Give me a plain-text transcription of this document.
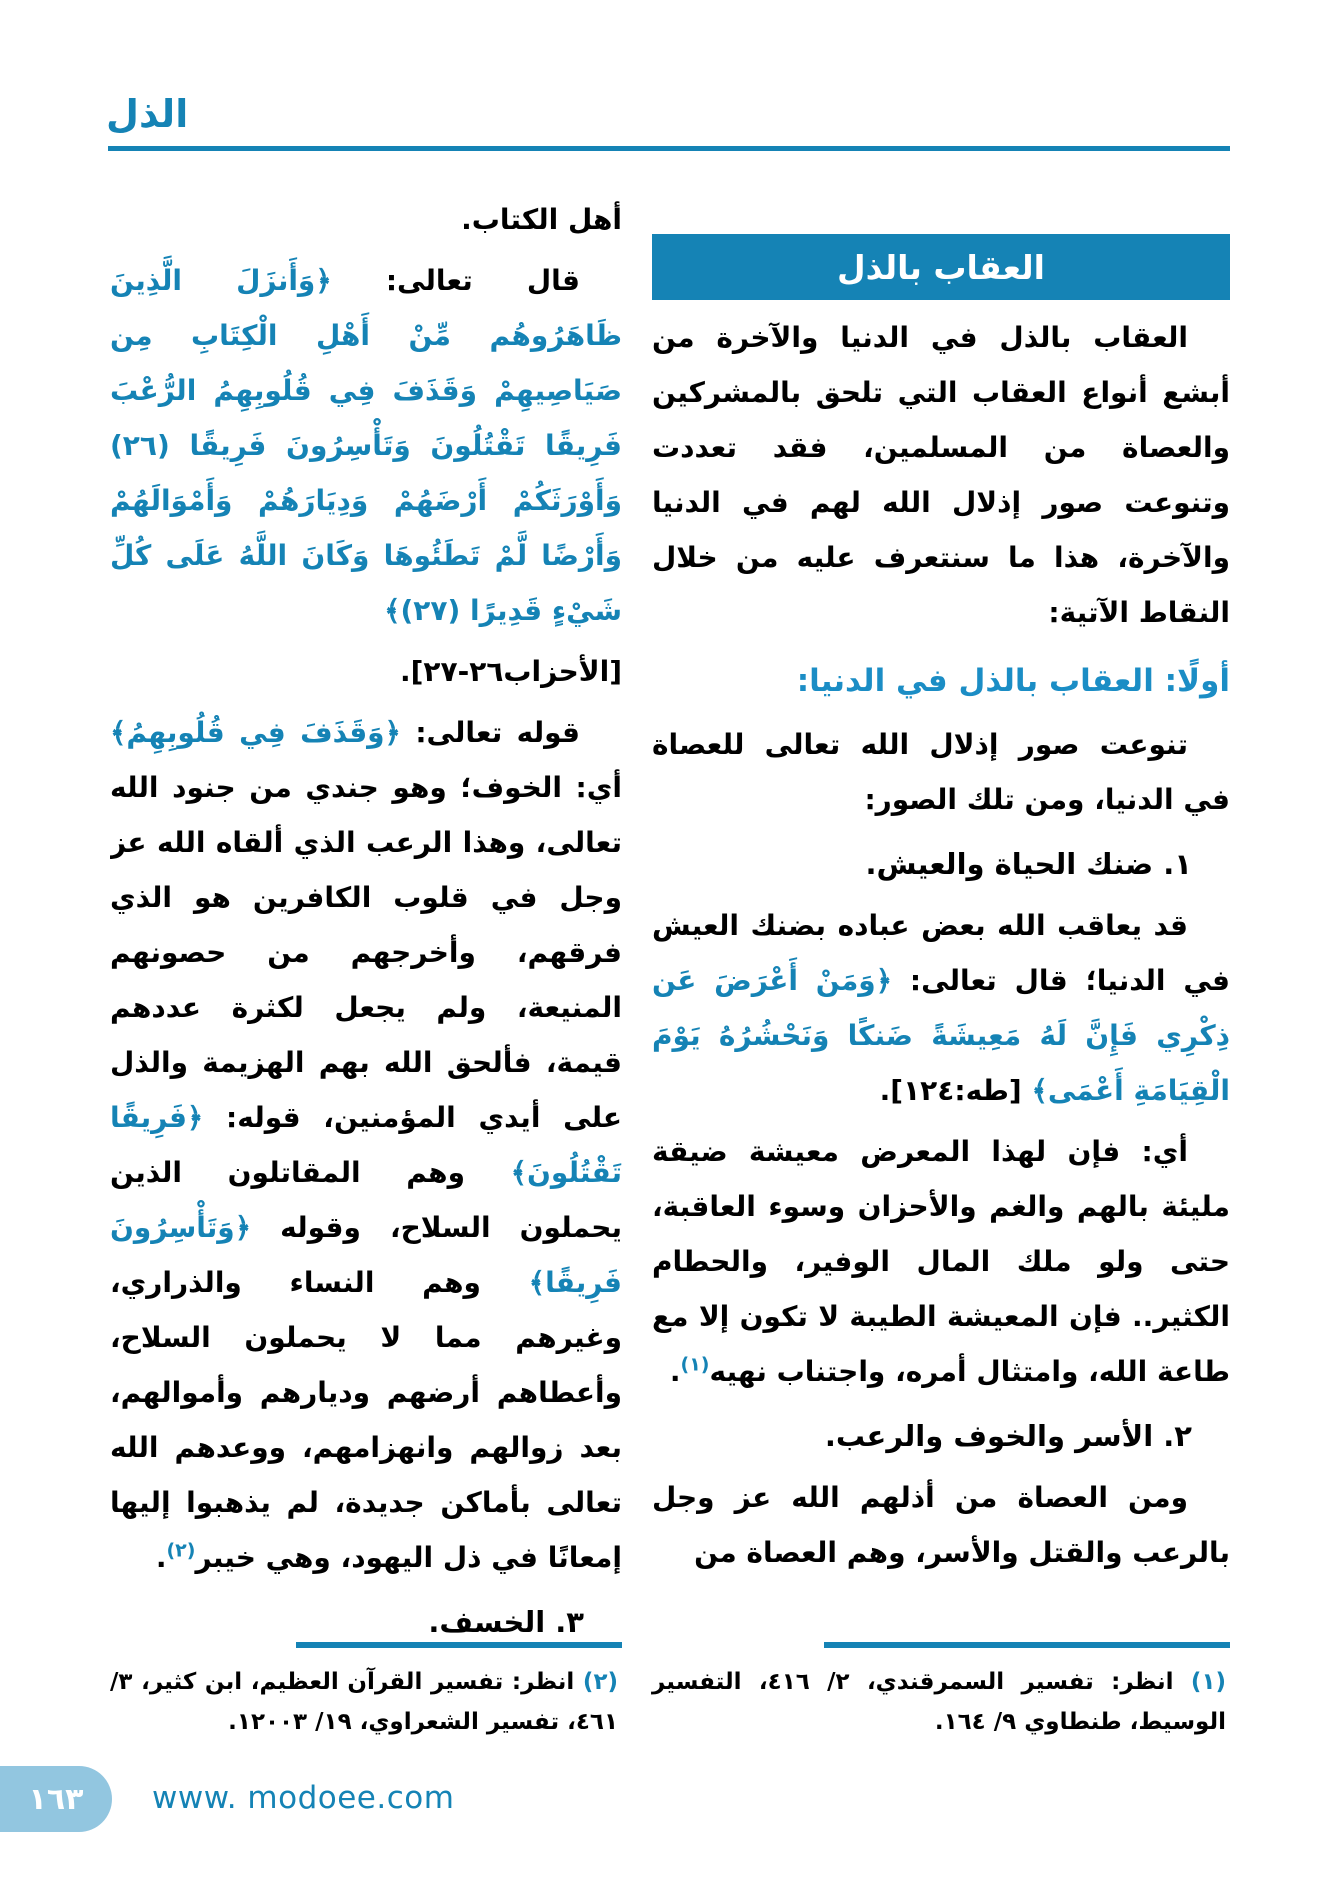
الذل
العقاب بالذل

العقاب بالذل في الدنيا والآخرة من أبشع أنواع العقاب التي تلحق بالمشركين والعصاة من المسلمين، فقد تعددت وتنوعت صور إذلال الله لهم في الدنيا والآخرة، هذا ما سنتعرف عليه من خلال النقاط الآتية:

أولًا: العقاب بالذل في الدنيا:

تنوعت صور إذلال الله تعالى للعصاة في الدنيا، ومن تلك الصور:

١. ضنك الحياة والعيش.

قد يعاقب الله بعض عباده بضنك العيش في الدنيا؛ قال تعالى: ﴿وَمَنْ أَعْرَضَ عَن ذِكْرِي فَإِنَّ لَهُ مَعِيشَةً ضَنكًا وَنَحْشُرُهُ يَوْمَ الْقِيَامَةِ أَعْمَى﴾ [طه:١٢٤].

أي: فإن لهذا المعرض معيشة ضيقة مليئة بالهم والغم والأحزان وسوء العاقبة، حتى ولو ملك المال الوفير، والحطام الكثير.. فإن المعيشة الطيبة لا تكون إلا مع طاعة الله، وامتثال أمره، واجتناب نهيه$^{(١)}$.

٢. الأسر والخوف والرعب.

ومن العصاة من أذلهم الله عز وجل بالرعب والقتل والأسر، وهم العصاة من

أهل الكتاب.

قال تعالى: ﴿وَأَنزَلَ الَّذِينَ ظَاهَرُوهُم مِّنْ أَهْلِ الْكِتَابِ مِن صَيَاصِيهِمْ وَقَذَفَ فِي قُلُوبِهِمُ الرُّعْبَ فَرِيقًا تَقْتُلُونَ وَتَأْسِرُونَ فَرِيقًا (٢٦) وَأَوْرَثَكُمْ أَرْضَهُمْ وَدِيَارَهُمْ وَأَمْوَالَهُمْ وَأَرْضًا لَّمْ تَطَئُوهَا وَكَانَ اللَّهُ عَلَى كُلِّ شَيْءٍ قَدِيرًا (٢٧)﴾

[الأحزاب٢٦-٢٧].

قوله تعالى: ﴿وَقَذَفَ فِي قُلُوبِهِمُ﴾ أي: الخوف؛ وهو جندي من جنود الله تعالى، وهذا الرعب الذي ألقاه الله عز وجل في قلوب الكافرين هو الذي فرقهم، وأخرجهم من حصونهم المنيعة، ولم يجعل لكثرة عددهم قيمة، فألحق الله بهم الهزيمة والذل على أيدي المؤمنين، قوله: ﴿فَرِيقًا تَقْتُلُونَ﴾ وهم المقاتلون الذين يحملون السلاح، وقوله ﴿وَتَأْسِرُونَ فَرِيقًا﴾ وهم النساء والذراري، وغيرهم مما لا يحملون السلاح، وأعطاهم أرضهم وديارهم وأموالهم، بعد زوالهم وانهزامهم، ووعدهم الله تعالى بأماكن جديدة، لم يذهبوا إليها إمعانًا في ذل اليهود، وهي خيبر$^{(٢)}$.

٣. الخسف.

(١) انظر: تفسير السمرقندي، ٢/ ٤١٦، التفسير الوسيط، طنطاوي ٩/ ١٦٤.

(٢) انظر: تفسير القرآن العظيم، ابن كثير، ٣/ ٤٦١، تفسير الشعراوي، ١٩/ ١٢٠٠٣.

١٦٣ www. modoee.com
